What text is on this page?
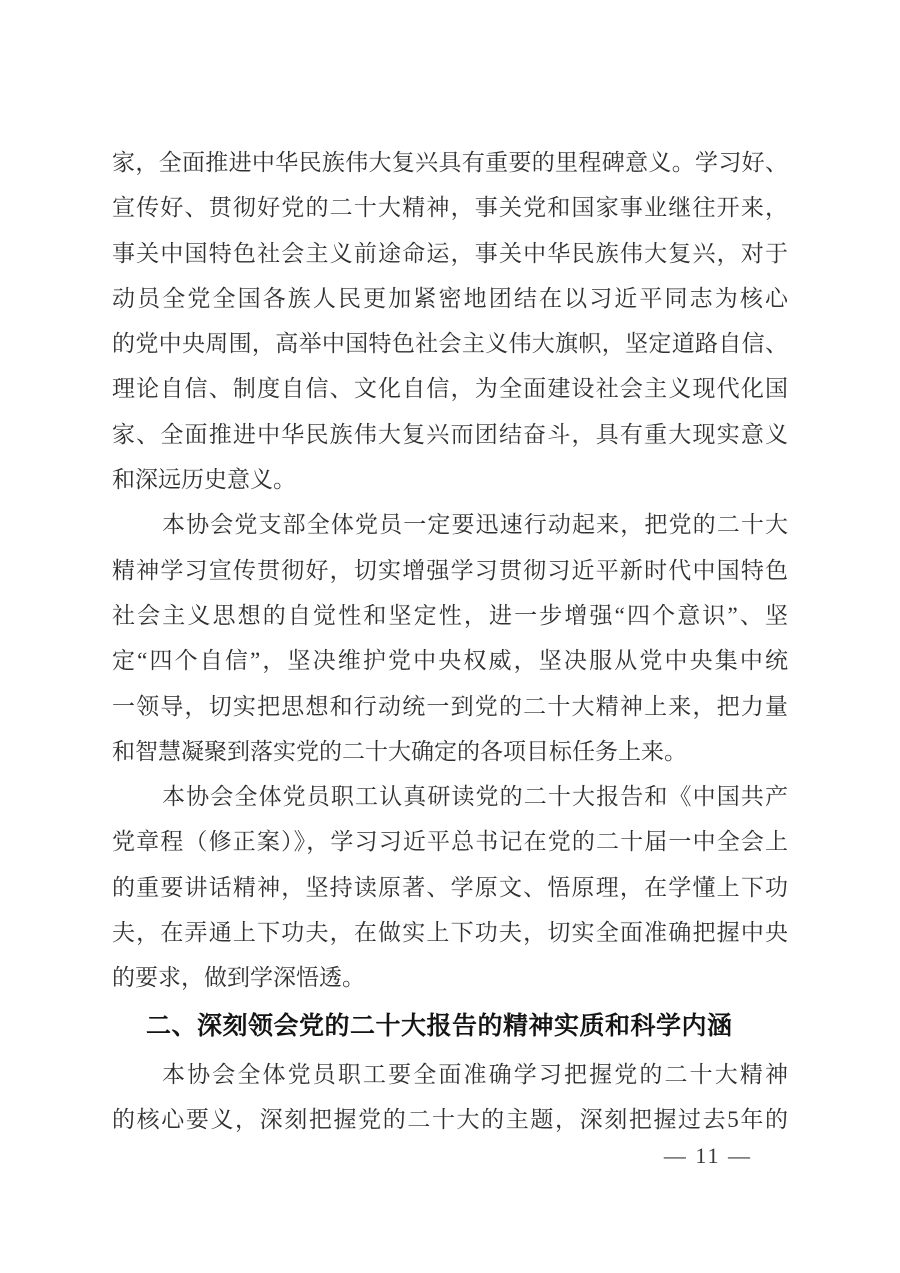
家，全面推进中华民族伟大复兴具有重要的里程碑意义。学习好、
宣传好、贯彻好党的二十大精神，事关党和国家事业继往开来，
事关中国特色社会主义前途命运，事关中华民族伟大复兴，对于
动员全党全国各族人民更加紧密地团结在以习近平同志为核心
的党中央周围，高举中国特色社会主义伟大旗帜，坚定道路自信、
理论自信、制度自信、文化自信，为全面建设社会主义现代化国
家、全面推进中华民族伟大复兴而团结奋斗，具有重大现实意义
和深远历史意义。
本协会党支部全体党员一定要迅速行动起来，把党的二十大
精神学习宣传贯彻好，切实增强学习贯彻习近平新时代中国特色
社会主义思想的自觉性和坚定性，进一步增强“四个意识”、坚
定“四个自信”，坚决维护党中央权威，坚决服从党中央集中统
一领导，切实把思想和行动统一到党的二十大精神上来，把力量
和智慧凝聚到落实党的二十大确定的各项目标任务上来。
本协会全体党员职工认真研读党的二十大报告和《中国共产
党章程（修正案）》，学习习近平总书记在党的二十届一中全会上
的重要讲话精神，坚持读原著、学原文、悟原理，在学懂上下功
夫，在弄通上下功夫，在做实上下功夫，切实全面准确把握中央
的要求，做到学深悟透。
二、深刻领会党的二十大报告的精神实质和科学内涵
本协会全体党员职工要全面准确学习把握党的二十大精神
的核心要义，深刻把握党的二十大的主题，深刻把握过去5年的
— 11 —
